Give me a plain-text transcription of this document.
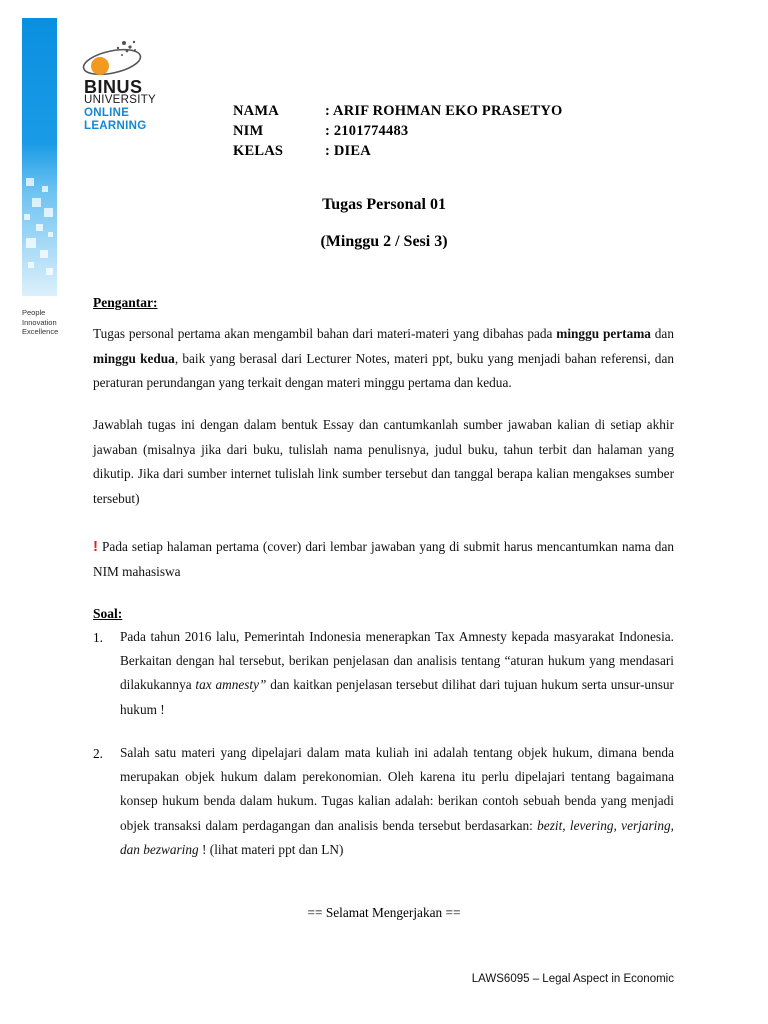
People
Innovation
Excellence
BINUS
UNIVERSITY
ONLINE
LEARNING
NAMA	: ARIF ROHMAN EKO PRASETYO
NIM	: 2101774483
KELAS	: DIEA
Tugas Personal 01
(Minggu 2 / Sesi 3)
Pengantar:
Tugas personal pertama akan mengambil bahan dari materi-materi yang dibahas pada minggu pertama dan minggu kedua, baik yang berasal dari Lecturer Notes, materi ppt, buku yang menjadi bahan referensi, dan peraturan perundangan yang terkait dengan materi minggu pertama dan kedua.
Jawablah tugas ini dengan dalam bentuk Essay dan cantumkanlah sumber jawaban kalian di setiap akhir jawaban (misalnya jika dari buku, tulislah nama penulisnya, judul buku, tahun terbit dan halaman yang dikutip. Jika dari sumber internet tulislah link sumber tersebut dan tanggal berapa kalian mengakses sumber tersebut)
! Pada setiap halaman pertama (cover) dari lembar jawaban yang di submit harus mencantumkan nama dan NIM mahasiswa
Soal:
1. Pada tahun 2016 lalu, Pemerintah Indonesia menerapkan Tax Amnesty kepada masyarakat Indonesia. Berkaitan dengan hal tersebut, berikan penjelasan dan analisis tentang “aturan hukum yang mendasari dilakukannya tax amnesty” dan kaitkan penjelasan tersebut dilihat dari tujuan hukum serta unsur-unsur hukum !
2. Salah satu materi yang dipelajari dalam mata kuliah ini adalah tentang objek hukum, dimana benda merupakan objek hukum dalam perekonomian. Oleh karena itu perlu dipelajari tentang bagaimana konsep hukum benda dalam hukum. Tugas kalian adalah: berikan contoh sebuah benda yang menjadi objek transaksi dalam perdagangan dan analisis benda tersebut berdasarkan: bezit, levering, verjaring, dan bezwaring ! (lihat materi ppt dan LN)
== Selamat Mengerjakan ==
LAWS6095 – Legal Aspect in Economic
